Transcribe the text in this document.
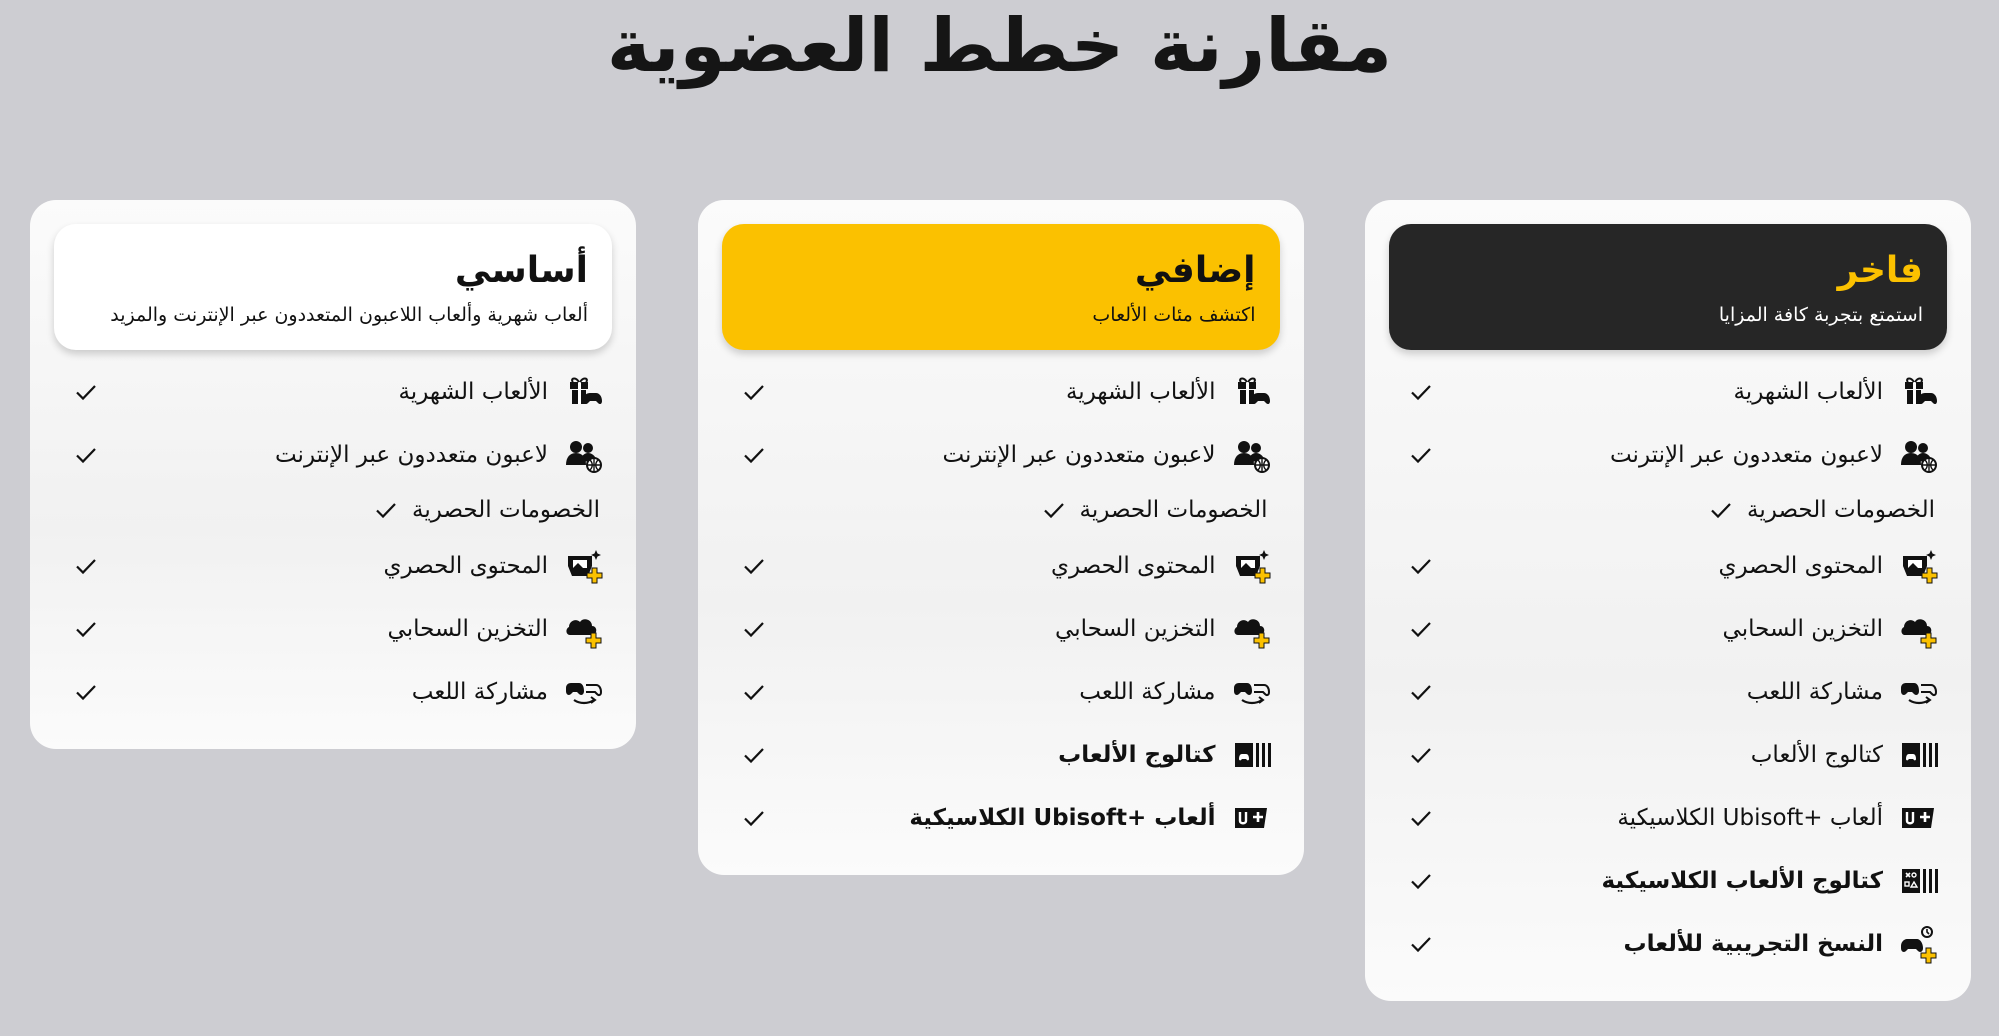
مقارنة خطط العضوية
أساسي
ألعاب شهرية وألعاب اللاعبون المتعددون عبر الإنترنت والمزيد
الألعاب الشهرية
لاعبون متعددون عبر الإنترنت
الخصومات الحصرية
المحتوى الحصري
التخزين السحابي
مشاركة اللعب
إضافي
اكتشف مئات الألعاب
الألعاب الشهرية
لاعبون متعددون عبر الإنترنت
الخصومات الحصرية
المحتوى الحصري
التخزين السحابي
مشاركة اللعب
كتالوج الألعاب
ألعاب +Ubisoft الكلاسيكية
فاخر
استمتع بتجربة كافة المزايا
الألعاب الشهرية
لاعبون متعددون عبر الإنترنت
الخصومات الحصرية
المحتوى الحصري
التخزين السحابي
مشاركة اللعب
كتالوج الألعاب
ألعاب +Ubisoft الكلاسيكية
كتالوج الألعاب الكلاسيكية
النسخ التجريبية للألعاب
